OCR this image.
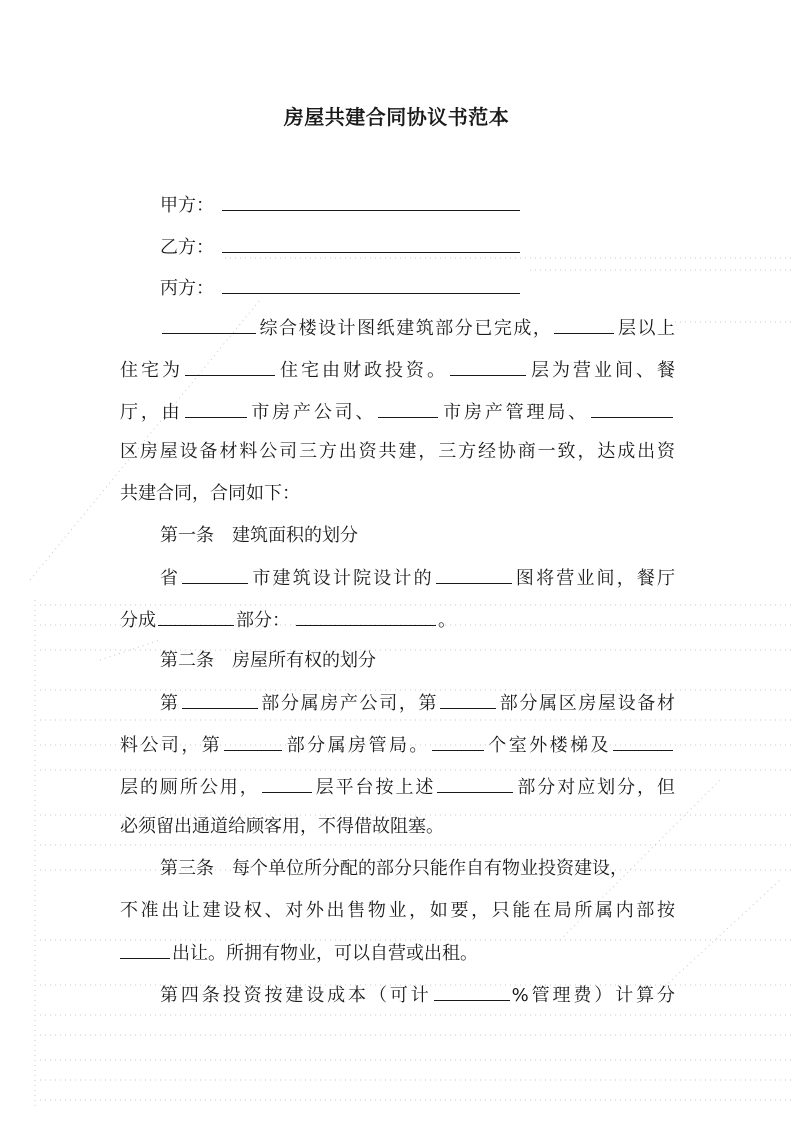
房屋共建合同协议书范本
甲方：
乙方：
丙方：
综合楼设计图纸建筑部分已完成，	层以上
住宅为	住宅由财政投资。	层为营业间、餐
厅，由	市房产公司、	市房产管理局、
区房屋设备材料公司三方出资共建，三方经协商一致，达成出资
共建合同，合同如下：
第一条 建筑面积的划分
省	市建筑设计院设计的	图将营业间，餐厅
分成	部分：	。
第二条 房屋所有权的划分
第	部分属房产公司，第	部分属区房屋设备材
料公司，第	部分属房管局。	个室外楼梯及
层的厕所公用，	层平台按上述	部分对应划分，但
必须留出通道给顾客用，不得借故阻塞。
第三条 每个单位所分配的部分只能作自有物业投资建设，
不准出让建设权、对外出售物业，如要，只能在局所属内部按
出让。所拥有物业，可以自营或出租。
第四条投资按建设成本（可计	%管理费）计算分
